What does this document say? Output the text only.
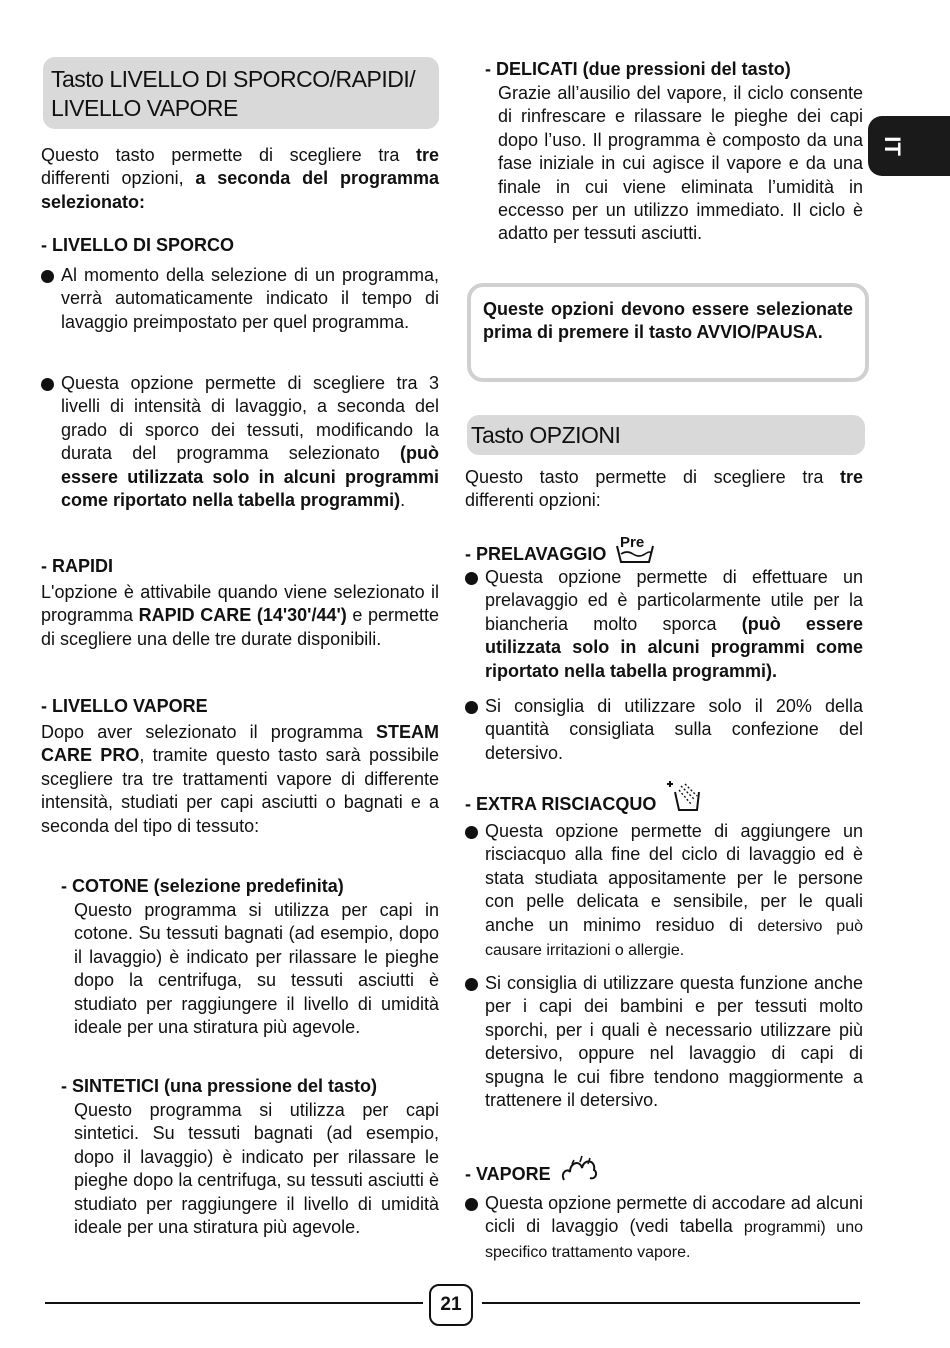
IT
Tasto LIVELLO DI SPORCO/RAPIDI/
LIVELLO VAPORE
Questo tasto permette di scegliere tra tre differenti opzioni, a seconda del programma selezionato:
- LIVELLO DI SPORCO
Al momento della selezione di un programma, verrà automaticamente indicato il tempo di lavaggio preimpostato per quel programma.
Questa opzione permette di scegliere tra 3 livelli di intensità di lavaggio, a seconda del grado di sporco dei tessuti, modificando la durata del programma selezionato (può essere utilizzata solo in alcuni programmi come riportato nella tabella programmi).
- RAPIDI
L'opzione è attivabile quando viene selezionato il programma RAPID CARE (14'30'/44') e permette di scegliere una delle tre durate disponibili.
- LIVELLO VAPORE
Dopo aver selezionato il programma STEAM CARE PRO, tramite questo tasto sarà possibile scegliere tra tre trattamenti vapore di differente intensità, studiati per capi asciutti o bagnati e a seconda del tipo di tessuto:
- COTONE (selezione predefinita)
Questo programma si utilizza per capi in cotone. Su tessuti bagnati (ad esempio, dopo il lavaggio) è indicato per rilassare le pieghe dopo la centrifuga, su tessuti asciutti è studiato per raggiungere il livello di umidità ideale per una stiratura più agevole.
- SINTETICI (una pressione del tasto)
Questo programma si utilizza per capi sintetici. Su tessuti bagnati (ad esempio, dopo il lavaggio) è indicato per rilassare le pieghe dopo la centrifuga, su tessuti asciutti è studiato per raggiungere il livello di umidità ideale per una stiratura più agevole.
- DELICATI (due pressioni del tasto)
Grazie all’ausilio del vapore, il ciclo consente di rinfrescare e rilassare le pieghe dei capi dopo l’uso. Il programma è composto da una fase iniziale in cui agisce il vapore e da una finale in cui viene eliminata l’umidità in eccesso per un utilizzo immediato. Il ciclo è adatto per tessuti asciutti.
Queste opzioni devono essere selezionate prima di premere il tasto AVVIO/PAUSA.
Tasto OPZIONI
Questo tasto permette di scegliere tra tre differenti opzioni:
- PRELAVAGGIO
Pre
Questa opzione permette di effettuare un prelavaggio ed è particolarmente utile per la biancheria molto sporca (può essere utilizzata solo in alcuni programmi come riportato nella tabella programmi).
Si consiglia di utilizzare solo il 20% della quantità consigliata sulla confezione del detersivo.
- EXTRA RISCIACQUO
Questa opzione permette di aggiungere un risciacquo alla fine del ciclo di lavaggio ed è stata studiata appositamente per le persone con pelle delicata e sensibile, per le quali anche un minimo residuo di detersivo può causare irritazioni o allergie.
Si consiglia di utilizzare questa funzione anche per i capi dei bambini e per tessuti molto sporchi, per i quali è necessario utilizzare più detersivo, oppure nel lavaggio di capi di spugna le cui fibre tendono maggiormente a trattenere il detersivo.
- VAPORE
Questa opzione permette di accodare ad alcuni cicli di lavaggio (vedi tabella programmi) uno specifico trattamento vapore.
21
